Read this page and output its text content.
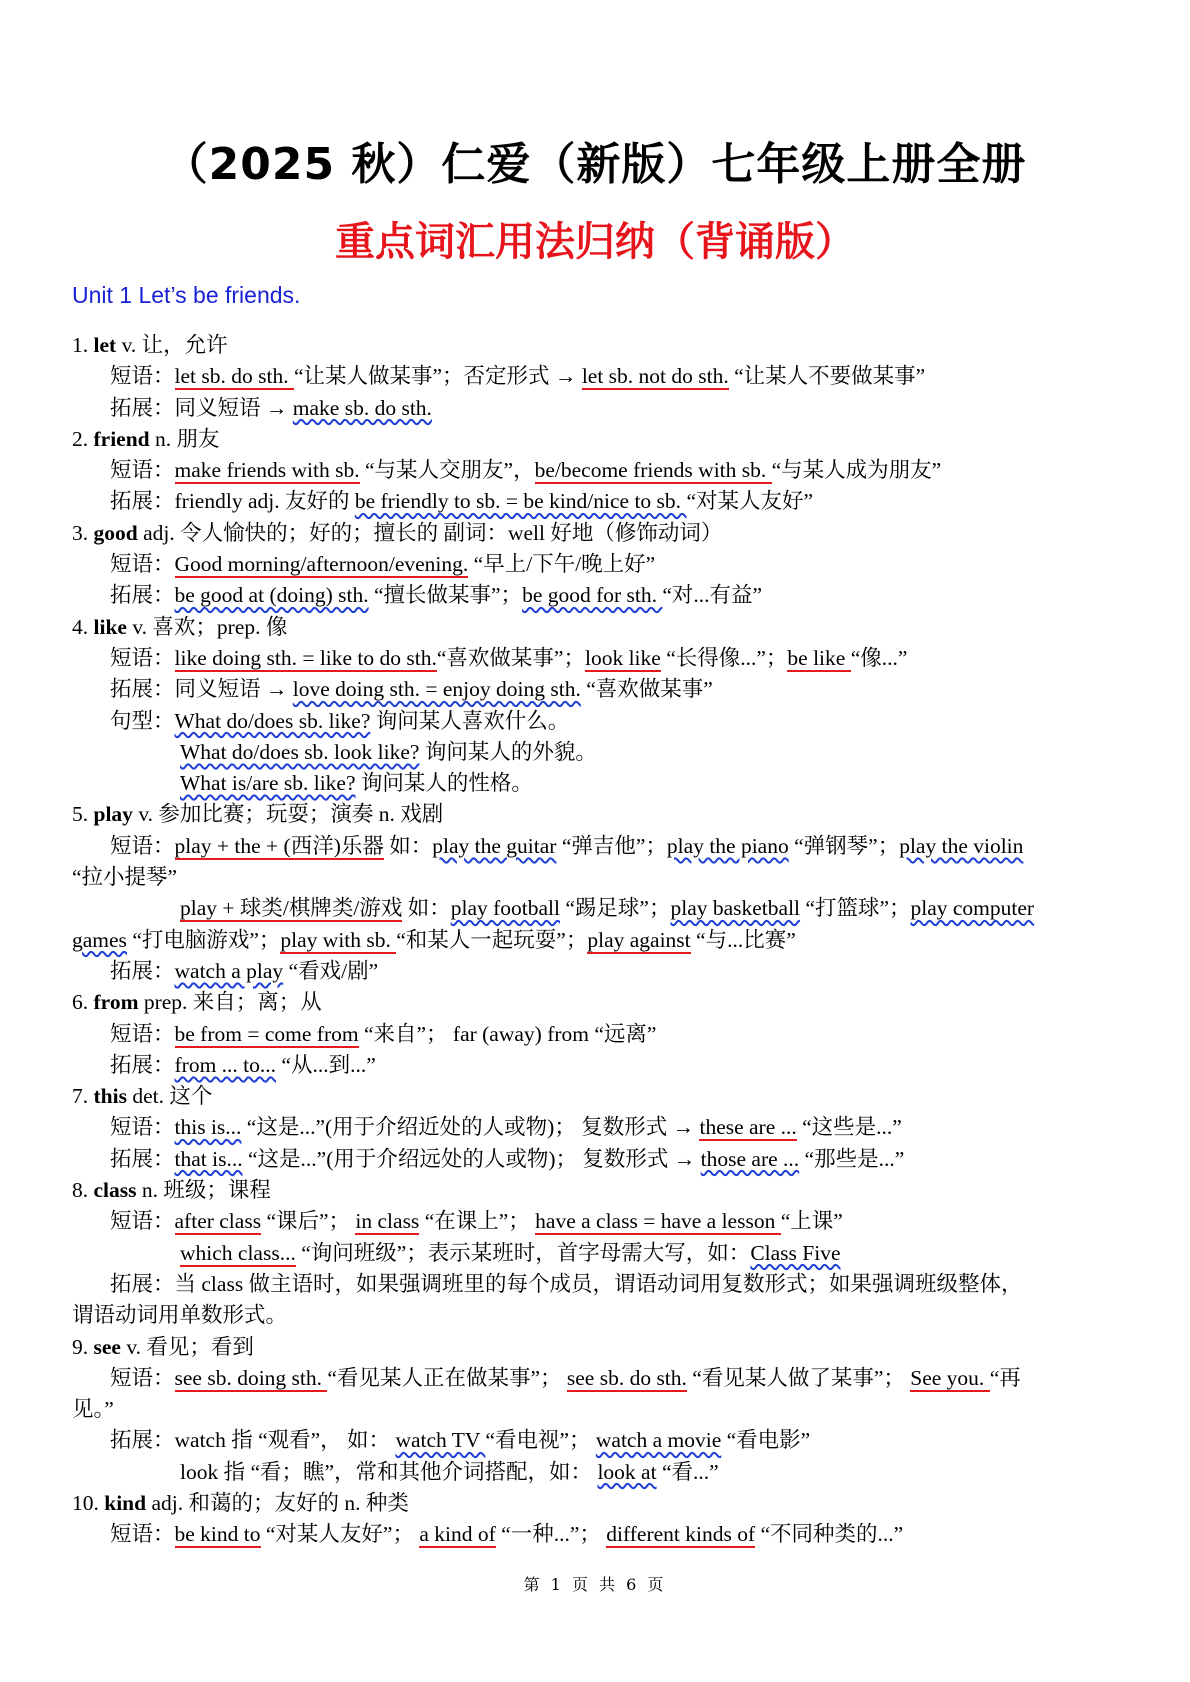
（2025 秋）仁爱（新版）七年级上册全册
重点词汇用法归纳（背诵版）
Unit 1 Let’s be friends.
1. let v. 让，允许
短语：let sb. do sth. “让某人做某事”；否定形式 → let sb. not do sth. “让某人不要做某事”
拓展：同义短语 → make sb. do sth.
2. friend n. 朋友
短语：make friends with sb. “与某人交朋友”，be/become friends with sb. “与某人成为朋友”
拓展：friendly adj. 友好的 be friendly to sb. = be kind/nice to sb. “对某人友好”
3. good adj. 令人愉快的；好的；擅长的 副词：well 好地（修饰动词）
短语：Good morning/afternoon/evening. “早上/下午/晚上好”
拓展：be good at (doing) sth. “擅长做某事”；be good for sth. “对...有益”
4. like v. 喜欢；prep. 像
短语：like doing sth. = like to do sth.“喜欢做某事”；look like “长得像...”；be like “像...”
拓展：同义短语 → love doing sth. = enjoy doing sth. “喜欢做某事”
句型：What do/does sb. like? 询问某人喜欢什么。
What do/does sb. look like? 询问某人的外貌。
What is/are sb. like? 询问某人的性格。
5. play v. 参加比赛；玩耍；演奏 n. 戏剧
短语：play + the + (西洋)乐器 如：play the guitar “弹吉他”；play the piano “弹钢琴”；play the violin
“拉小提琴”
play + 球类/棋牌类/游戏 如：play football “踢足球”；play basketball “打篮球”；play computer
games “打电脑游戏”；play with sb. “和某人一起玩耍”；play against “与...比赛”
拓展：watch a play “看戏/剧”
6. from prep. 来自；离；从
短语：be from = come from “来自”； far (away) from “远离”
拓展：from ... to... “从...到...”
7. this det. 这个
短语：this is... “这是...”(用于介绍近处的人或物)； 复数形式 → these are ... “这些是...”
拓展：that is... “这是...”(用于介绍远处的人或物)； 复数形式 → those are ... “那些是...”
8. class n. 班级；课程
短语：after class “课后”； in class “在课上”； have a class = have a lesson “上课”
which class... “询问班级”；表示某班时，首字母需大写，如：Class Five
拓展：当 class 做主语时，如果强调班里的每个成员，谓语动词用复数形式；如果强调班级整体，
谓语动词用单数形式。
9. see v. 看见；看到
短语：see sb. doing sth. “看见某人正在做某事”； see sb. do sth. “看见某人做了某事”； See you. “再
见。”
拓展：watch 指 “观看”， 如： watch TV “看电视”； watch a movie “看电影”
look 指 “看；瞧”，常和其他介词搭配，如： look at “看...”
10. kind adj. 和蔼的；友好的 n. 种类
短语：be kind to “对某人友好”； a kind of “一种...”； different kinds of “不同种类的...”
第 1 页 共 6 页
